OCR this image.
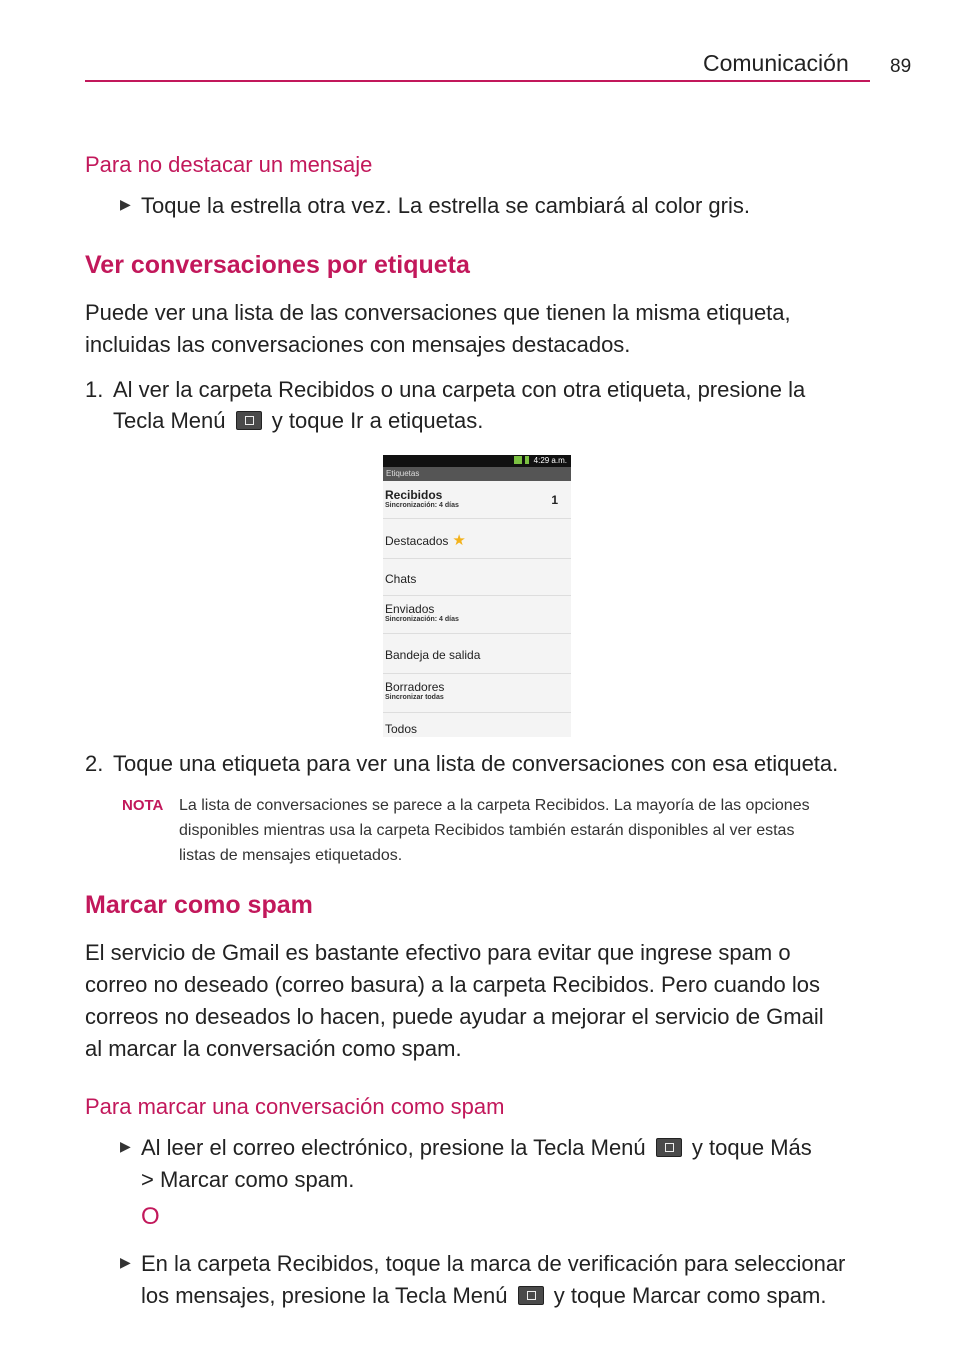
Comunicación 89
Para no destacar un mensaje
▶ Toque la estrella otra vez. La estrella se cambiará al color gris.
Ver conversaciones por etiqueta
Puede ver una lista de las conversaciones que tienen la misma etiqueta,
incluidas las conversaciones con mensajes destacados.
1. Al ver la carpeta Recibidos o una carpeta con otra etiqueta, presione la
Tecla Menú y toque Ir a etiquetas.
4:29 a.m.
Etiquetas
Recibidos
Sincronización: 4 días	1
Destacados ★
Chats
Enviados
Sincronización: 4 días
Bandeja de salida
Borradores
Sincronizar todas
Todos
2. Toque una etiqueta para ver una lista de conversaciones con esa etiqueta.
NOTA La lista de conversaciones se parece a la carpeta Recibidos. La mayoría de las opciones
disponibles mientras usa la carpeta Recibidos también estarán disponibles al ver estas
listas de mensajes etiquetados.
Marcar como spam
El servicio de Gmail es bastante efectivo para evitar que ingrese spam o
correo no deseado (correo basura) a la carpeta Recibidos. Pero cuando los
correos no deseados lo hacen, puede ayudar a mejorar el servicio de Gmail
al marcar la conversación como spam.
Para marcar una conversación como spam
▶ Al leer el correo electrónico, presione la Tecla Menú y toque Más
> Marcar como spam.
O
▶ En la carpeta Recibidos, toque la marca de verificación para seleccionar
los mensajes, presione la Tecla Menú y toque Marcar como spam.
